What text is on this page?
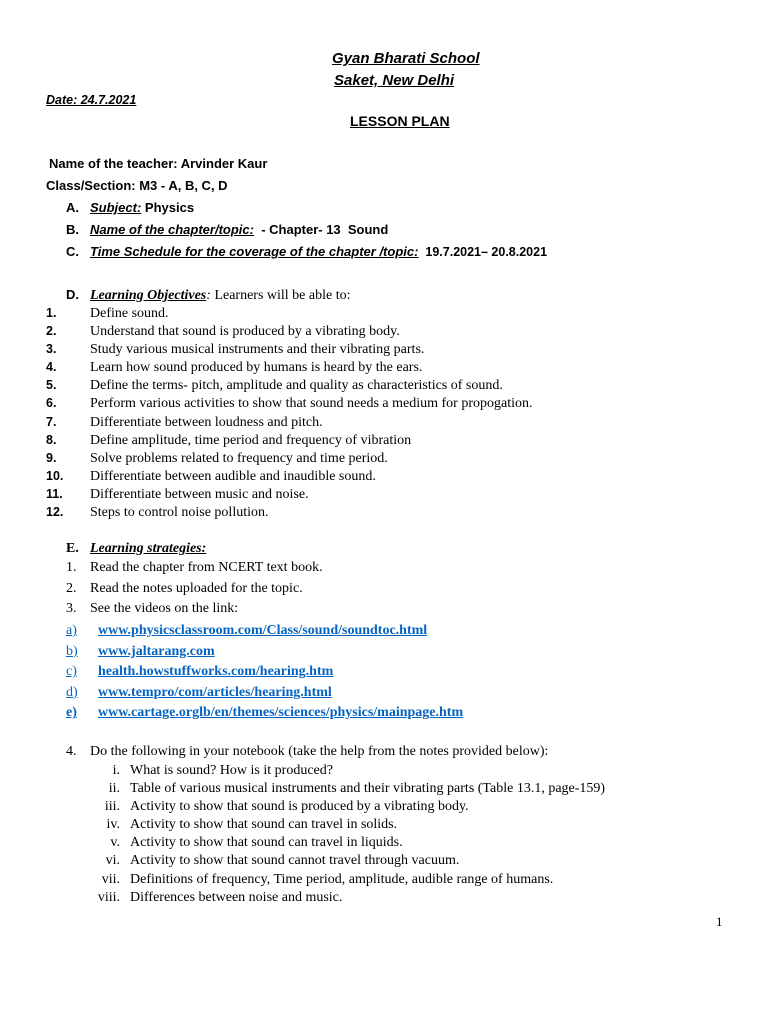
Gyan Bharati School
Saket, New Delhi
Date: 24.7.2021
LESSON PLAN
Name of the teacher: Arvinder Kaur
Class/Section: M3 - A, B, C, D
A. Subject: Physics
B. Name of the chapter/topic:  - Chapter- 13  Sound
C. Time Schedule for the coverage of the chapter /topic:  19.7.2021– 20.8.2021
D. Learning Objectives: Learners will be able to:
1. Define sound.
2. Understand that sound is produced by a vibrating body.
3. Study various musical instruments and their vibrating parts.
4. Learn how sound produced by humans is heard by the ears.
5. Define the terms- pitch, amplitude and quality as characteristics of sound.
6. Perform various activities to show that sound needs a medium for propogation.
7. Differentiate between loudness and pitch.
8. Define amplitude, time period and frequency of vibration
9. Solve problems related to frequency and time period.
10. Differentiate between audible and inaudible sound.
11. Differentiate between music and noise.
12. Steps to control noise pollution.
E. Learning strategies:
1. Read the chapter from NCERT text book.
2. Read the notes uploaded for the topic.
3. See the videos on the link:
a) www.physicsclassroom.com/Class/sound/soundtoc.html
b) www.jaltarang.com
c) health.howstuffworks.com/hearing.htm
d) www.tempro/com/articles/hearing.html
e) www.cartage.orglb/en/themes/sciences/physics/mainpage.htm
4. Do the following in your notebook (take the help from the notes provided below):
i. What is sound? How is it produced?
ii. Table of various musical instruments and their vibrating parts (Table 13.1, page-159)
iii. Activity to show that sound is produced by a vibrating body.
iv. Activity to show that sound can travel in solids.
v. Activity to show that sound can travel in liquids.
vi. Activity to show that sound cannot travel through vacuum.
vii. Definitions of frequency, Time period, amplitude, audible range of humans.
viii. Differences between noise and music.
1
